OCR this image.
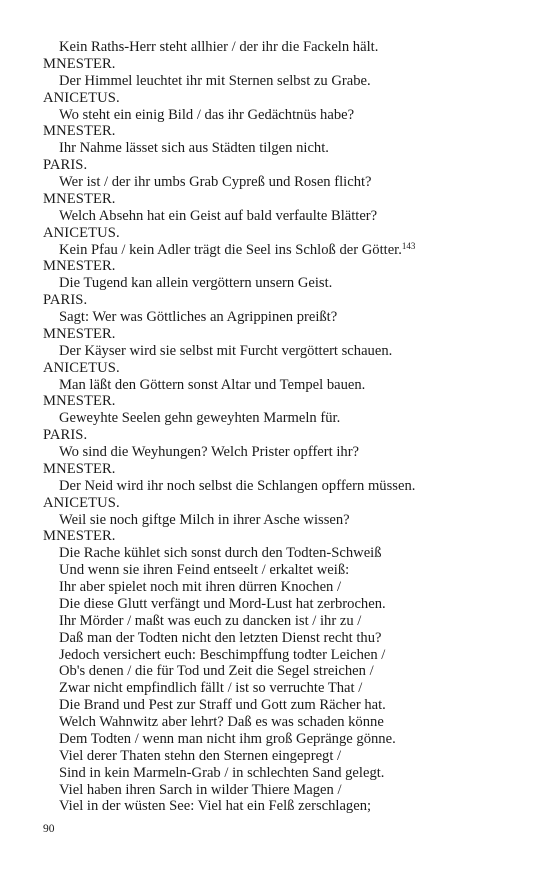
Kein Raths-Herr steht allhier / der ihr die Fackeln hält.
MNESTER.
Der Himmel leuchtet ihr mit Sternen selbst zu Grabe.
ANICETUS.
Wo steht ein einig Bild / das ihr Gedächtnüs habe?
MNESTER.
Ihr Nahme lässet sich aus Städten tilgen nicht.
PARIS.
Wer ist / der ihr umbs Grab Cypreß und Rosen flicht?
MNESTER.
Welch Absehn hat ein Geist auf bald verfaulte Blätter?
ANICETUS.
Kein Pfau / kein Adler trägt die Seel ins Schloß der Götter.$^{143}$
MNESTER.
Die Tugend kan allein vergöttern unsern Geist.
PARIS.
Sagt: Wer was Göttliches an Agrippinen preißt?
MNESTER.
Der Käyser wird sie selbst mit Furcht vergöttert schauen.
ANICETUS.
Man läßt den Göttern sonst Altar und Tempel bauen.
MNESTER.
Geweyhte Seelen gehn geweyhten Marmeln für.
PARIS.
Wo sind die Weyhungen? Welch Prister opffert ihr?
MNESTER.
Der Neid wird ihr noch selbst die Schlangen opffern müssen.
ANICETUS.
Weil sie noch giftge Milch in ihrer Asche wissen?
MNESTER.
Die Rache kühlet sich sonst durch den Todten-Schweiß
Und wenn sie ihren Feind entseelt / erkaltet weiß:
Ihr aber spielet noch mit ihren dürren Knochen /
Die diese Glutt verfängt und Mord-Lust hat zerbrochen.
Ihr Mörder / maßt was euch zu dancken ist / ihr zu /
Daß man der Todten nicht den letzten Dienst recht thu?
Jedoch versichert euch: Beschimpffung todter Leichen /
Ob's denen / die für Tod und Zeit die Segel streichen /
Zwar nicht empfindlich fällt / ist so verruchte That /
Die Brand und Pest zur Straff und Gott zum Rächer hat.
Welch Wahnwitz aber lehrt? Daß es was schaden könne
Dem Todten / wenn man nicht ihm groß Gepränge gönne.
Viel derer Thaten stehn den Sternen eingepregt /
Sind in kein Marmeln-Grab / in schlechten Sand gelegt.
Viel haben ihren Sarch in wilder Thiere Magen /
Viel in der wüsten See: Viel hat ein Felß zerschlagen;
90
